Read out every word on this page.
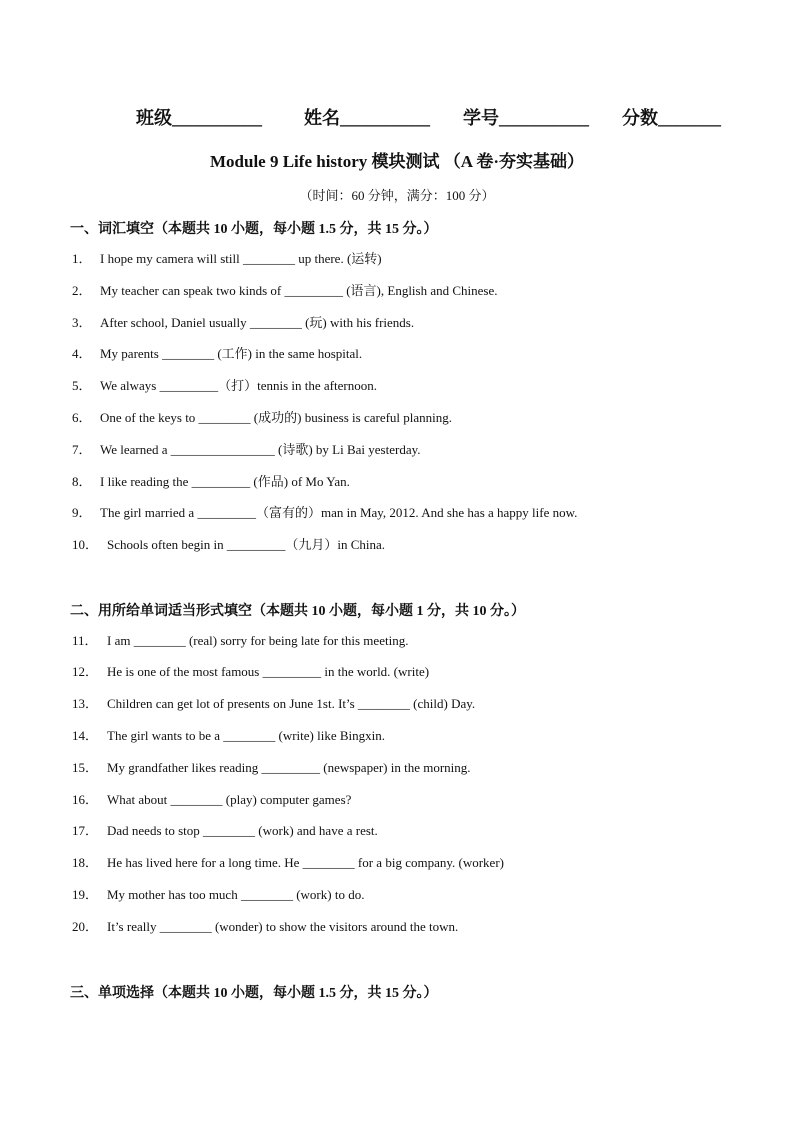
班级__________ 姓名__________ 学号__________ 分数_______
Module 9 Life history 模块测试 （A 卷·夯实基础）
（时间：60 分钟，满分：100 分）
一、词汇填空（本题共 10 小题，每小题 1.5 分，共 15 分。）
1． I hope my camera will still ________ up there. (运转)
2． My teacher can speak two kinds of _________ (语言), English and Chinese.
3． After school, Daniel usually ________ (玩) with his friends.
4． My parents ________ (工作) in the same hospital.
5． We always _________（打）tennis in the afternoon.
6． One of the keys to ________ (成功的) business is careful planning.
7． We learned a ________________ (诗歌) by Li Bai yesterday.
8． I like reading the _________ (作品) of Mo Yan.
9． The girl married a _________（富有的）man in May, 2012. And she has a happy life now.
10． Schools often begin in _________（九月）in China.
二、用所给单词适当形式填空（本题共 10 小题，每小题 1 分，共 10 分。）
11． I am ________ (real) sorry for being late for this meeting.
12． He is one of the most famous _________ in the world. (write)
13． Children can get lot of presents on June 1st. It’s ________ (child) Day.
14． The girl wants to be a ________ (write) like Bingxin.
15． My grandfather likes reading _________ (newspaper) in the morning.
16． What about ________ (play) computer games?
17． Dad needs to stop ________ (work) and have a rest.
18． He has lived here for a long time. He ________ for a big company. (worker)
19． My mother has too much ________ (work) to do.
20． It’s really ________ (wonder) to show the visitors around the town.
三、单项选择（本题共 10 小题，每小题 1.5 分，共 15 分。）
